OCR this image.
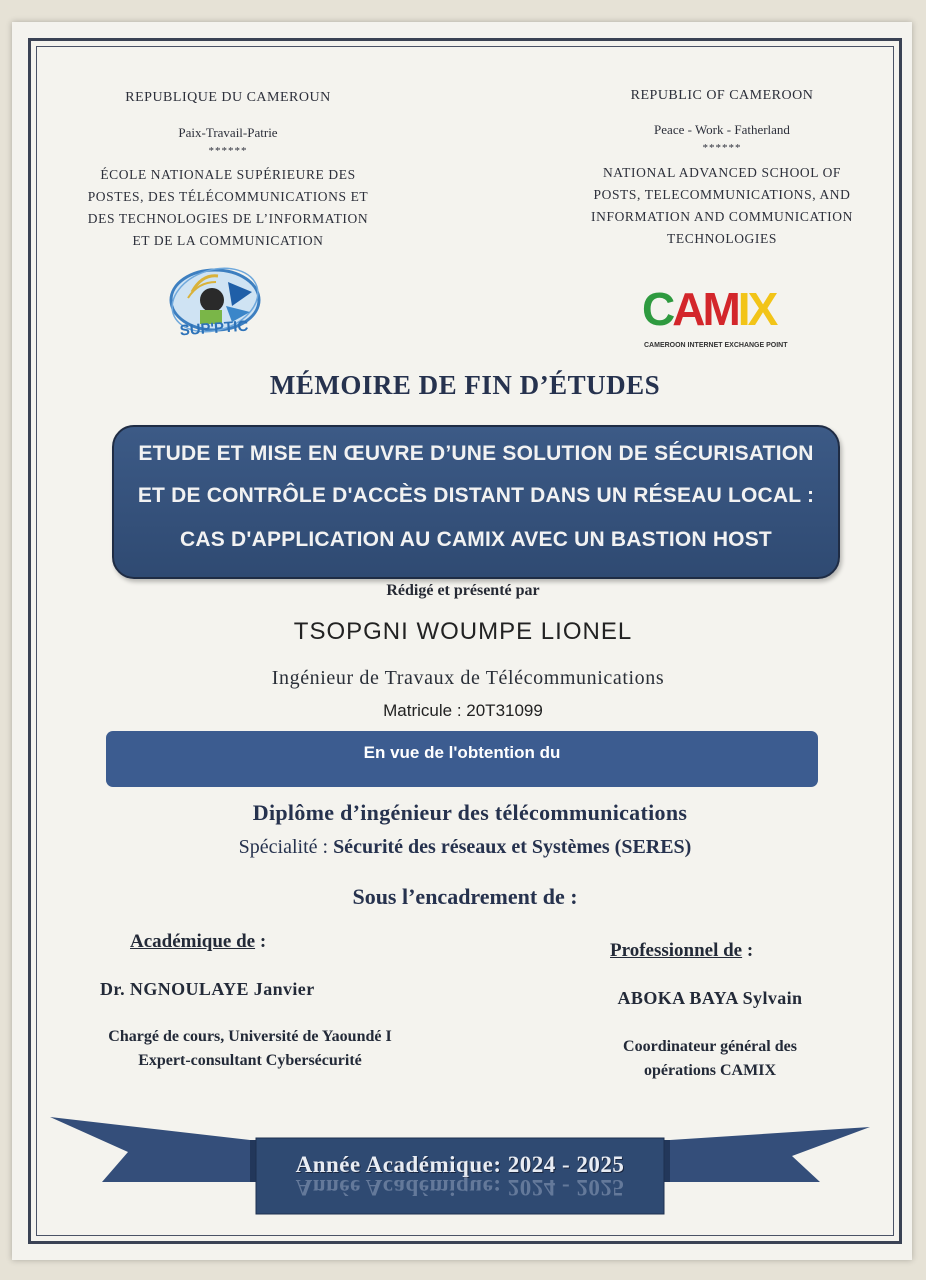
REPUBLIQUE DU CAMEROUN
Paix-Travail-Patrie
******
ÉCOLE NATIONALE SUPÉRIEURE DES
POSTES, DES TÉLÉCOMMUNICATIONS ET
DES TECHNOLOGIES DE L’INFORMATION
ET DE LA COMMUNICATION
REPUBLIC OF CAMEROON
Peace - Work - Fatherland
******
NATIONAL ADVANCED SCHOOL OF
POSTS, TELECOMMUNICATIONS, AND
INFORMATION AND COMMUNICATION
TECHNOLOGIES
SUP'PTIC	CAMIX
CAMEROON INTERNET EXCHANGE POINT
MÉMOIRE DE FIN D’ÉTUDES
ETUDE ET MISE EN ŒUVRE D’UNE SOLUTION DE SÉCURISATION
ET DE CONTRÔLE D'ACCÈS DISTANT DANS UN RÉSEAU LOCAL :
CAS D'APPLICATION AU CAMIX AVEC UN BASTION HOST
Rédigé et présenté par
TSOPGNI WOUMPE LIONEL
Ingénieur de Travaux de Télécommunications
Matricule : 20T31099
En vue de l'obtention du
Diplôme d’ingénieur des télécommunications
Spécialité : Sécurité des réseaux et Systèmes (SERES)
Sous l’encadrement de :
Académique de :
Dr. NGNOULAYE Janvier
Chargé de cours, Université de Yaoundé I
Expert-consultant Cybersécurité
Professionnel de :
ABOKA BAYA Sylvain
Coordinateur général des
opérations CAMIX
Année Académique: 2024 - 2025
Année Académique: 2024 - 2025
